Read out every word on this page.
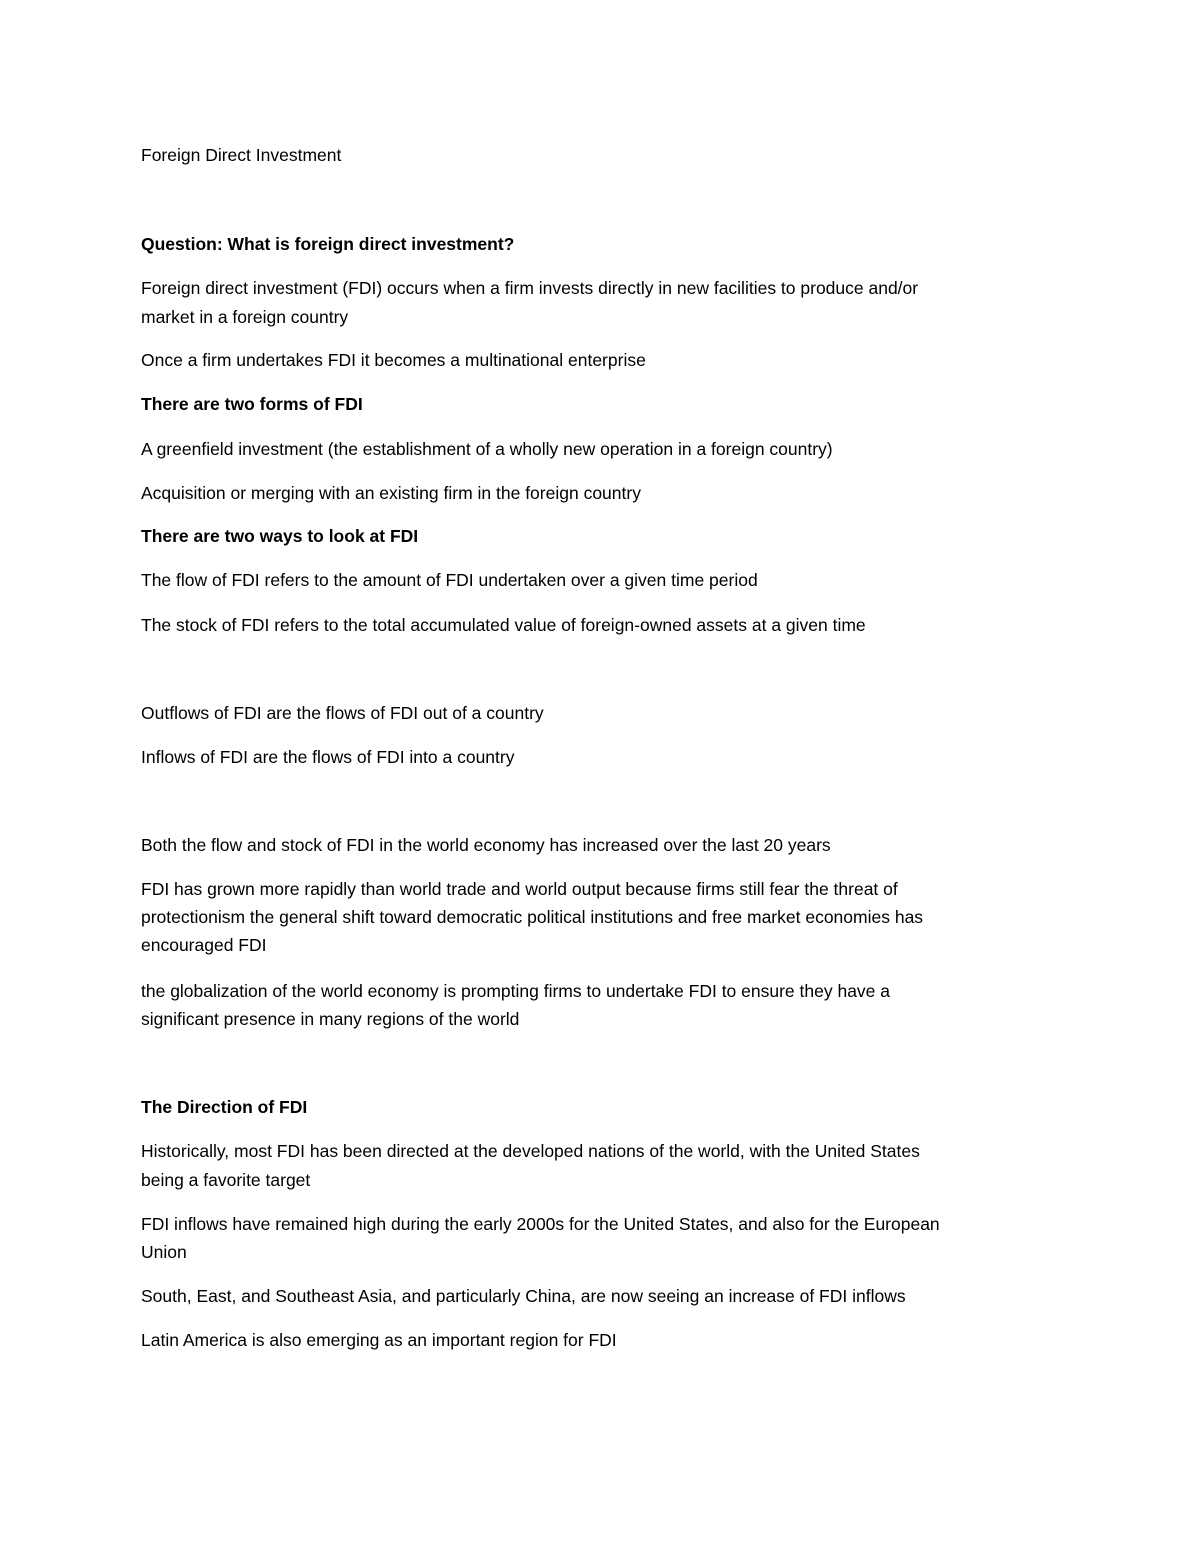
Foreign Direct Investment

Question: What is foreign direct investment?

Foreign direct investment (FDI) occurs when a firm invests directly in new facilities to produce and/or

market in a foreign country

Once a firm undertakes FDI it becomes a multinational enterprise

There are two forms of FDI

A greenfield investment (the establishment of a wholly new operation in a foreign country)

Acquisition or merging with an existing firm in the foreign country

There are two ways to look at FDI

The flow of FDI refers to the amount of FDI undertaken over a given time period

The stock of FDI refers to the total accumulated value of foreign-owned assets at a given time

Outflows of FDI are the flows of FDI out of a country

Inflows of FDI are the flows of FDI into a country

Both the flow and stock of FDI in the world economy has increased over the last 20 years

FDI has grown more rapidly than world trade and world output because firms still fear the threat of

protectionism the general shift toward democratic political institutions and free market economies has

encouraged FDI

the globalization of the world economy is prompting firms to undertake FDI to ensure they have a

significant presence in many regions of the world

The Direction of FDI

Historically, most FDI has been directed at the developed nations of the world, with the United States

being a favorite target

FDI inflows have remained high during the early 2000s for the United States, and also for the European

Union

South, East, and Southeast Asia, and particularly China, are now seeing an increase of FDI inflows

Latin America is also emerging as an important region for FDI
